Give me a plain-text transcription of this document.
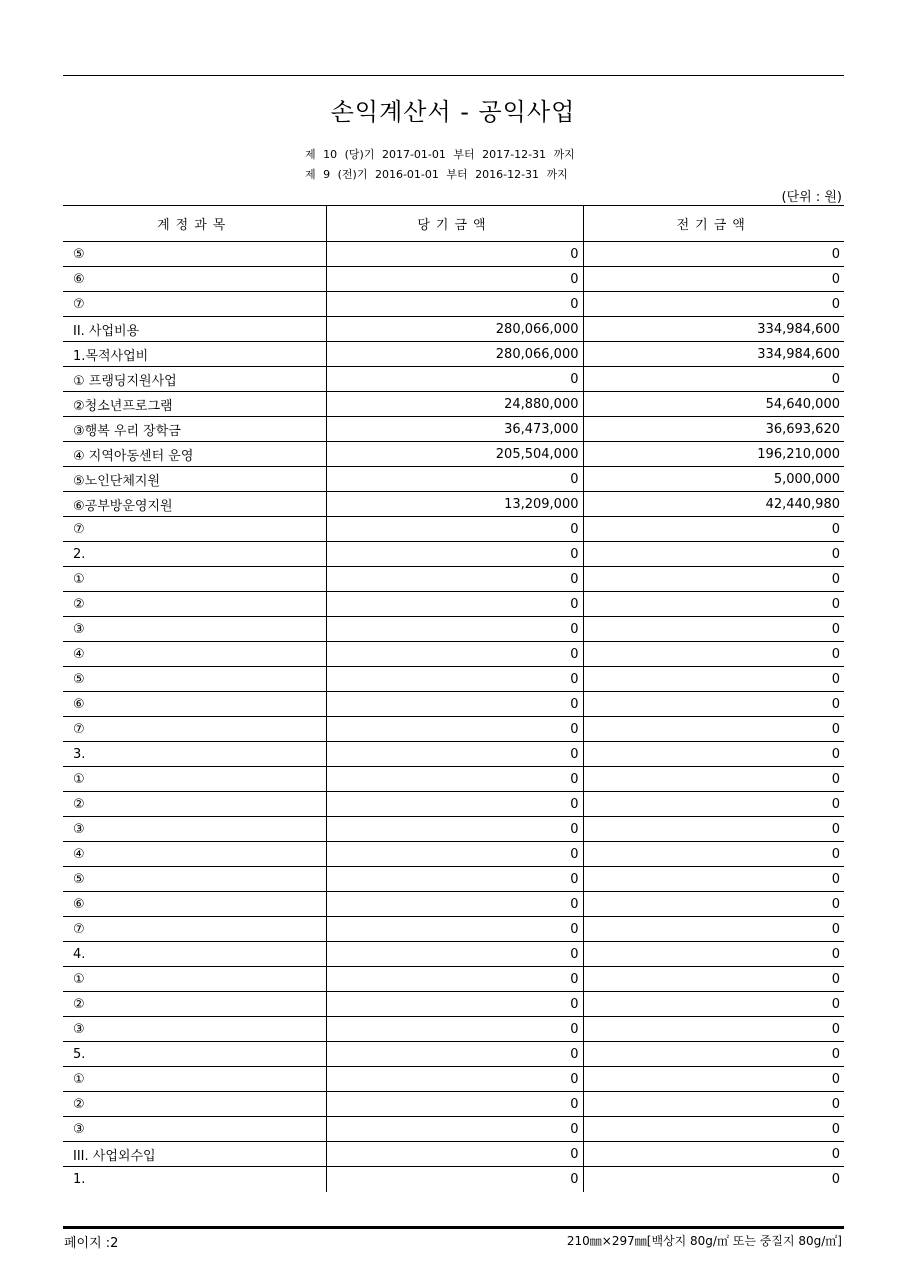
손익계산서 - 공익사업
제 10 (당)기 2017-01-01 부터 2017-12-31 까지
제 9 (전)기 2016-01-01 부터 2016-12-31 까지
(단위 : 원)
계정과목	당기금액	전기금액
⑤	0	0
⑥	0	0
⑦	0	0
II. 사업비용	280,066,000	334,984,600
1.목적사업비	280,066,000	334,984,600
① 프랭딩지원사업	0	0
②청소년프로그램	24,880,000	54,640,000
③행복 우리 장학금	36,473,000	36,693,620
④ 지역아동센터 운영	205,504,000	196,210,000
⑤노인단체지원	0	5,000,000
⑥공부방운영지원	13,209,000	42,440,980
⑦	0	0
2.	0	0
①	0	0
②	0	0
③	0	0
④	0	0
⑤	0	0
⑥	0	0
⑦	0	0
3.	0	0
①	0	0
②	0	0
③	0	0
④	0	0
⑤	0	0
⑥	0	0
⑦	0	0
4.	0	0
①	0	0
②	0	0
③	0	0
5.	0	0
①	0	0
②	0	0
③	0	0
III. 사업외수입	0	0
1.	0	0
페이지 :2	210㎜×297㎜[백상지 80g/㎡ 또는 중질지 80g/㎡]
